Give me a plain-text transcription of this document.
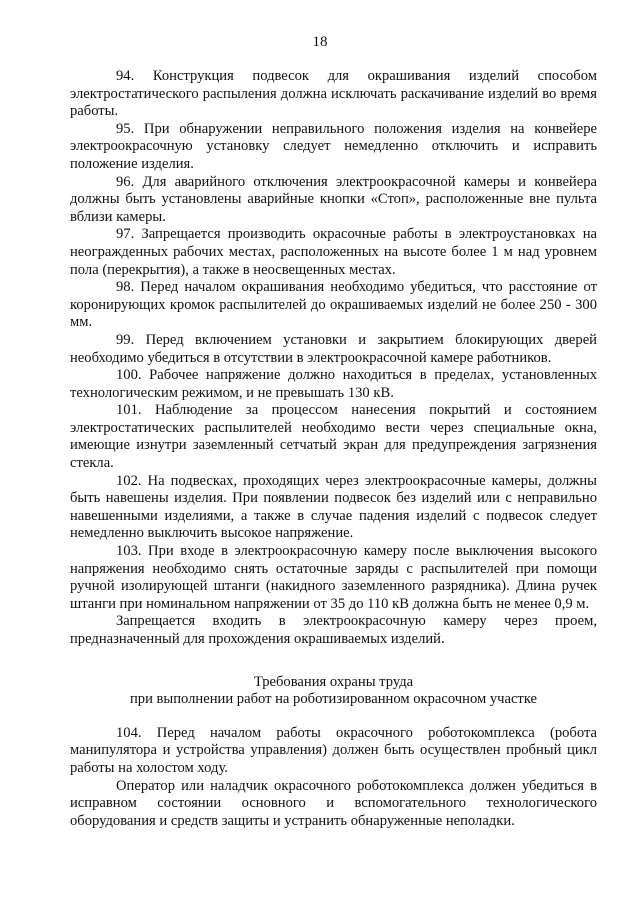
18

94. Конструкция подвесок для окрашивания изделий способом электростатического распыления должна исключать раскачивание изделий во время работы.

95. При обнаружении неправильного положения изделия на конвейере электроокрасочную установку следует немедленно отключить и исправить положение изделия.

96. Для аварийного отключения электроокрасочной камеры и конвейера должны быть установлены аварийные кнопки «Стоп», расположенные вне пульта вблизи камеры.

97. Запрещается производить окрасочные работы в электроустановках на неогражденных рабочих местах, расположенных на высоте более 1 м над уровнем пола (перекрытия), а также в неосвещенных местах.

98. Перед началом окрашивания необходимо убедиться, что расстояние от коронирующих кромок распылителей до окрашиваемых изделий не более 250 - 300 мм.

99. Перед включением установки и закрытием блокирующих дверей необходимо убедиться в отсутствии в электроокрасочной камере работников.

100. Рабочее напряжение должно находиться в пределах, установленных технологическим режимом, и не превышать 130 кВ.

101. Наблюдение за процессом нанесения покрытий и состоянием электростатических распылителей необходимо вести через специальные окна, имеющие изнутри заземленный сетчатый экран для предупреждения загрязнения стекла.

102. На подвесках, проходящих через электроокрасочные камеры, должны быть навешены изделия. При появлении подвесок без изделий или с неправильно навешенными изделиями, а также в случае падения изделий с подвесок следует немедленно выключить высокое напряжение.

103. При входе в электроокрасочную камеру после выключения высокого напряжения необходимо снять остаточные заряды с распылителей при помощи ручной изолирующей штанги (накидного заземленного разрядника). Длина ручек штанги при номинальном напряжении от 35 до 110 кВ должна быть не менее 0,9 м.

Запрещается входить в электроокрасочную камеру через проем, предназначенный для прохождения окрашиваемых изделий.

Требования охраны труда
при выполнении работ на роботизированном окрасочном участке

104. Перед началом работы окрасочного роботокомплекса (робота манипулятора и устройства управления) должен быть осуществлен пробный цикл работы на холостом ходу.

Оператор или наладчик окрасочного роботокомплекса должен убедиться в исправном состоянии основного и вспомогательного технологического оборудования и средств защиты и устранить обнаруженные неполадки.
